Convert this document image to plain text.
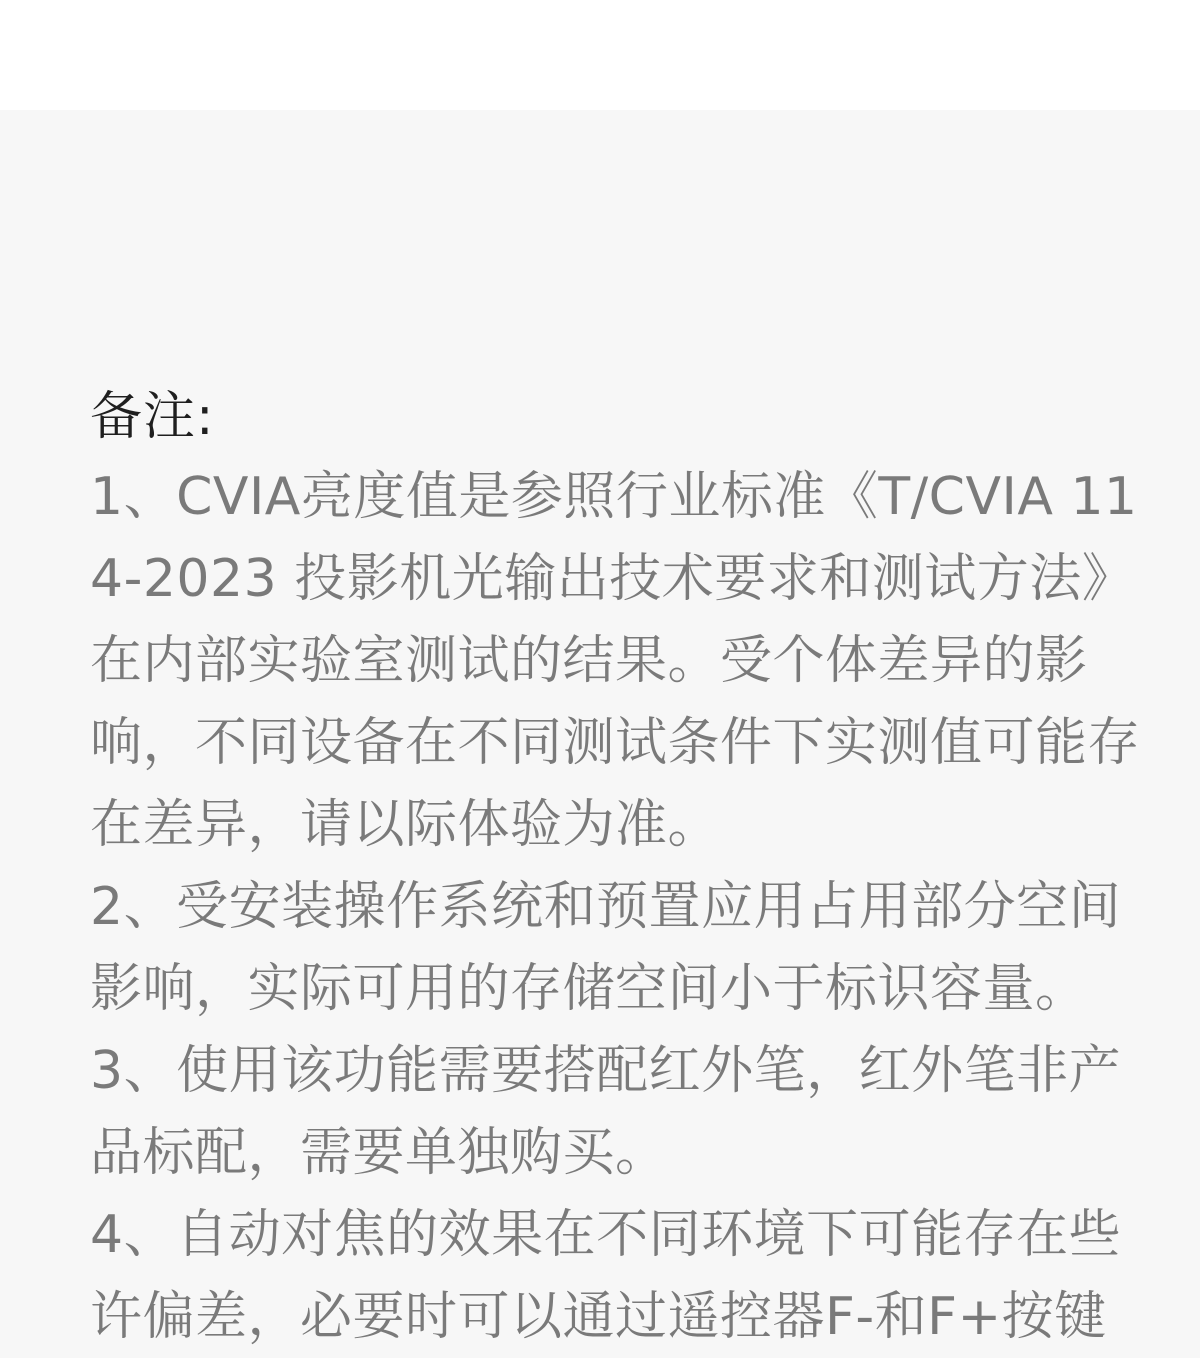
备注:
1、CVIA亮度值是参照行业标准《T/CVIA 114-2023 投影机光输出技术要求和测试方法》在内部实验室测试的结果。受个体差异的影响，不同设备在不同测试条件下实测值可能存在差异，请以际体验为准。
2、受安装操作系统和预置应用占用部分空间影响，实际可用的存储空间小于标识容量。
3、使用该功能需要搭配红外笔，红外笔非产品标配，需要单独购买。
4、自动对焦的效果在不同环境下可能存在些许偏差，必要时可以通过遥控器F-和F+按键
